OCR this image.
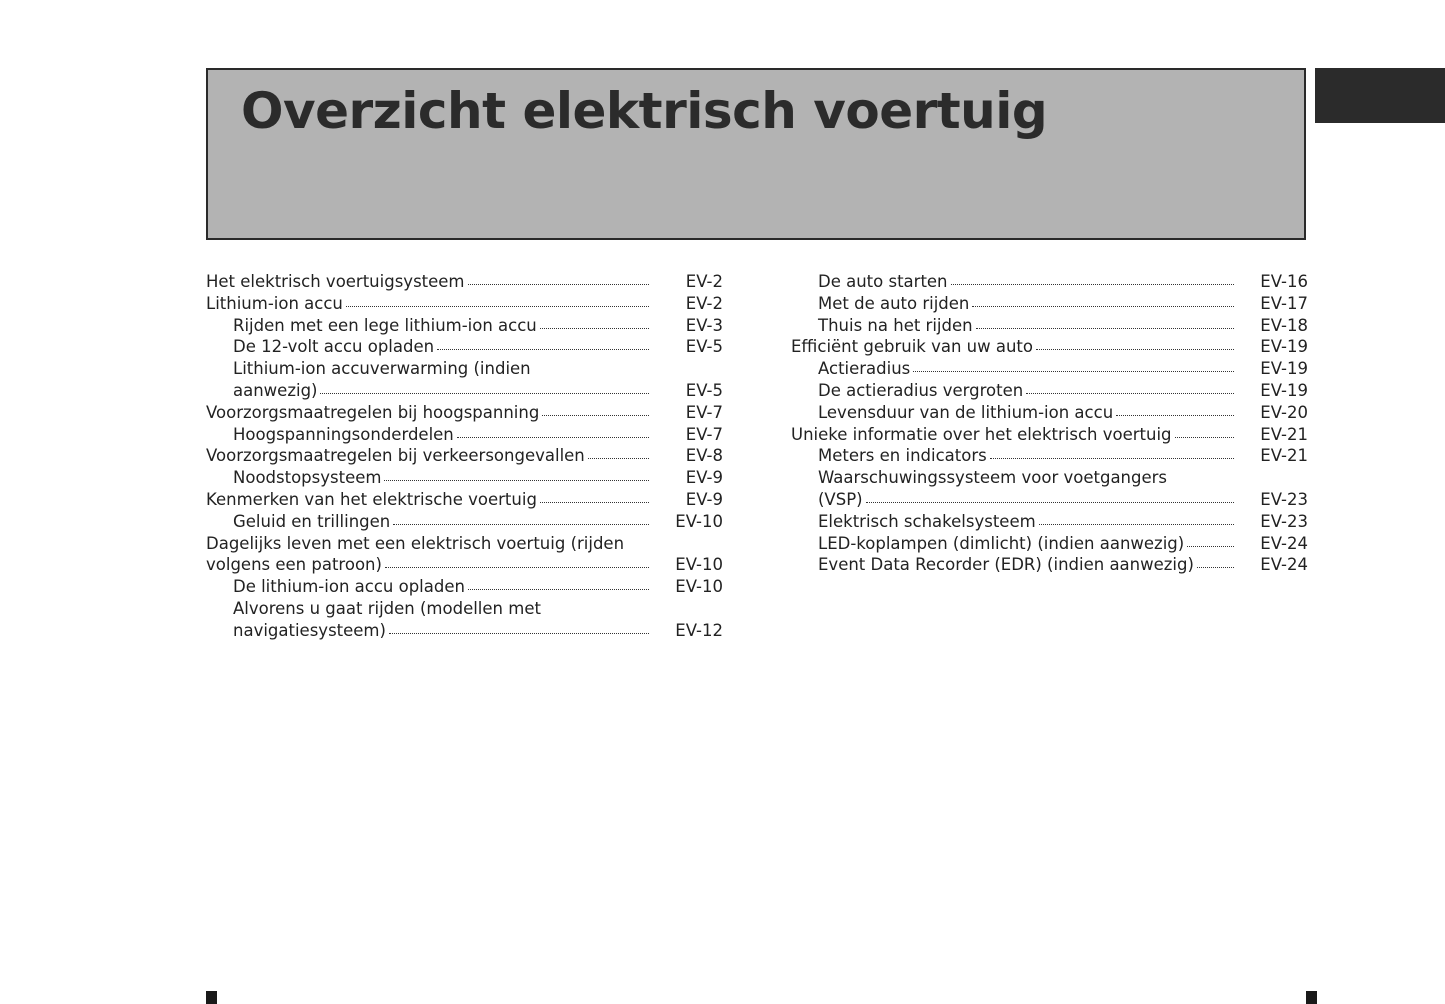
Overzicht elektrisch voertuig
Het elektrisch voertuigsysteem	EV-2
Lithium-ion accu	EV-2
Rijden met een lege lithium-ion accu	EV-3
De 12-volt accu opladen	EV-5
Lithium-ion accuverwarming (indien
aanwezig)	EV-5
Voorzorgsmaatregelen bij hoogspanning	EV-7
Hoogspanningsonderdelen	EV-7
Voorzorgsmaatregelen bij verkeersongevallen	EV-8
Noodstopsysteem	EV-9
Kenmerken van het elektrische voertuig	EV-9
Geluid en trillingen	EV-10
Dagelijks leven met een elektrisch voertuig (rijden
volgens een patroon)	EV-10
De lithium-ion accu opladen	EV-10
Alvorens u gaat rijden (modellen met
navigatiesysteem)	EV-12
De auto starten	EV-16
Met de auto rijden	EV-17
Thuis na het rijden	EV-18
Efficiënt gebruik van uw auto	EV-19
Actieradius	EV-19
De actieradius vergroten	EV-19
Levensduur van de lithium-ion accu	EV-20
Unieke informatie over het elektrisch voertuig	EV-21
Meters en indicators	EV-21
Waarschuwingssysteem voor voetgangers
(VSP)	EV-23
Elektrisch schakelsysteem	EV-23
LED-koplampen (dimlicht) (indien aanwezig)	EV-24
Event Data Recorder (EDR) (indien aanwezig)	EV-24
